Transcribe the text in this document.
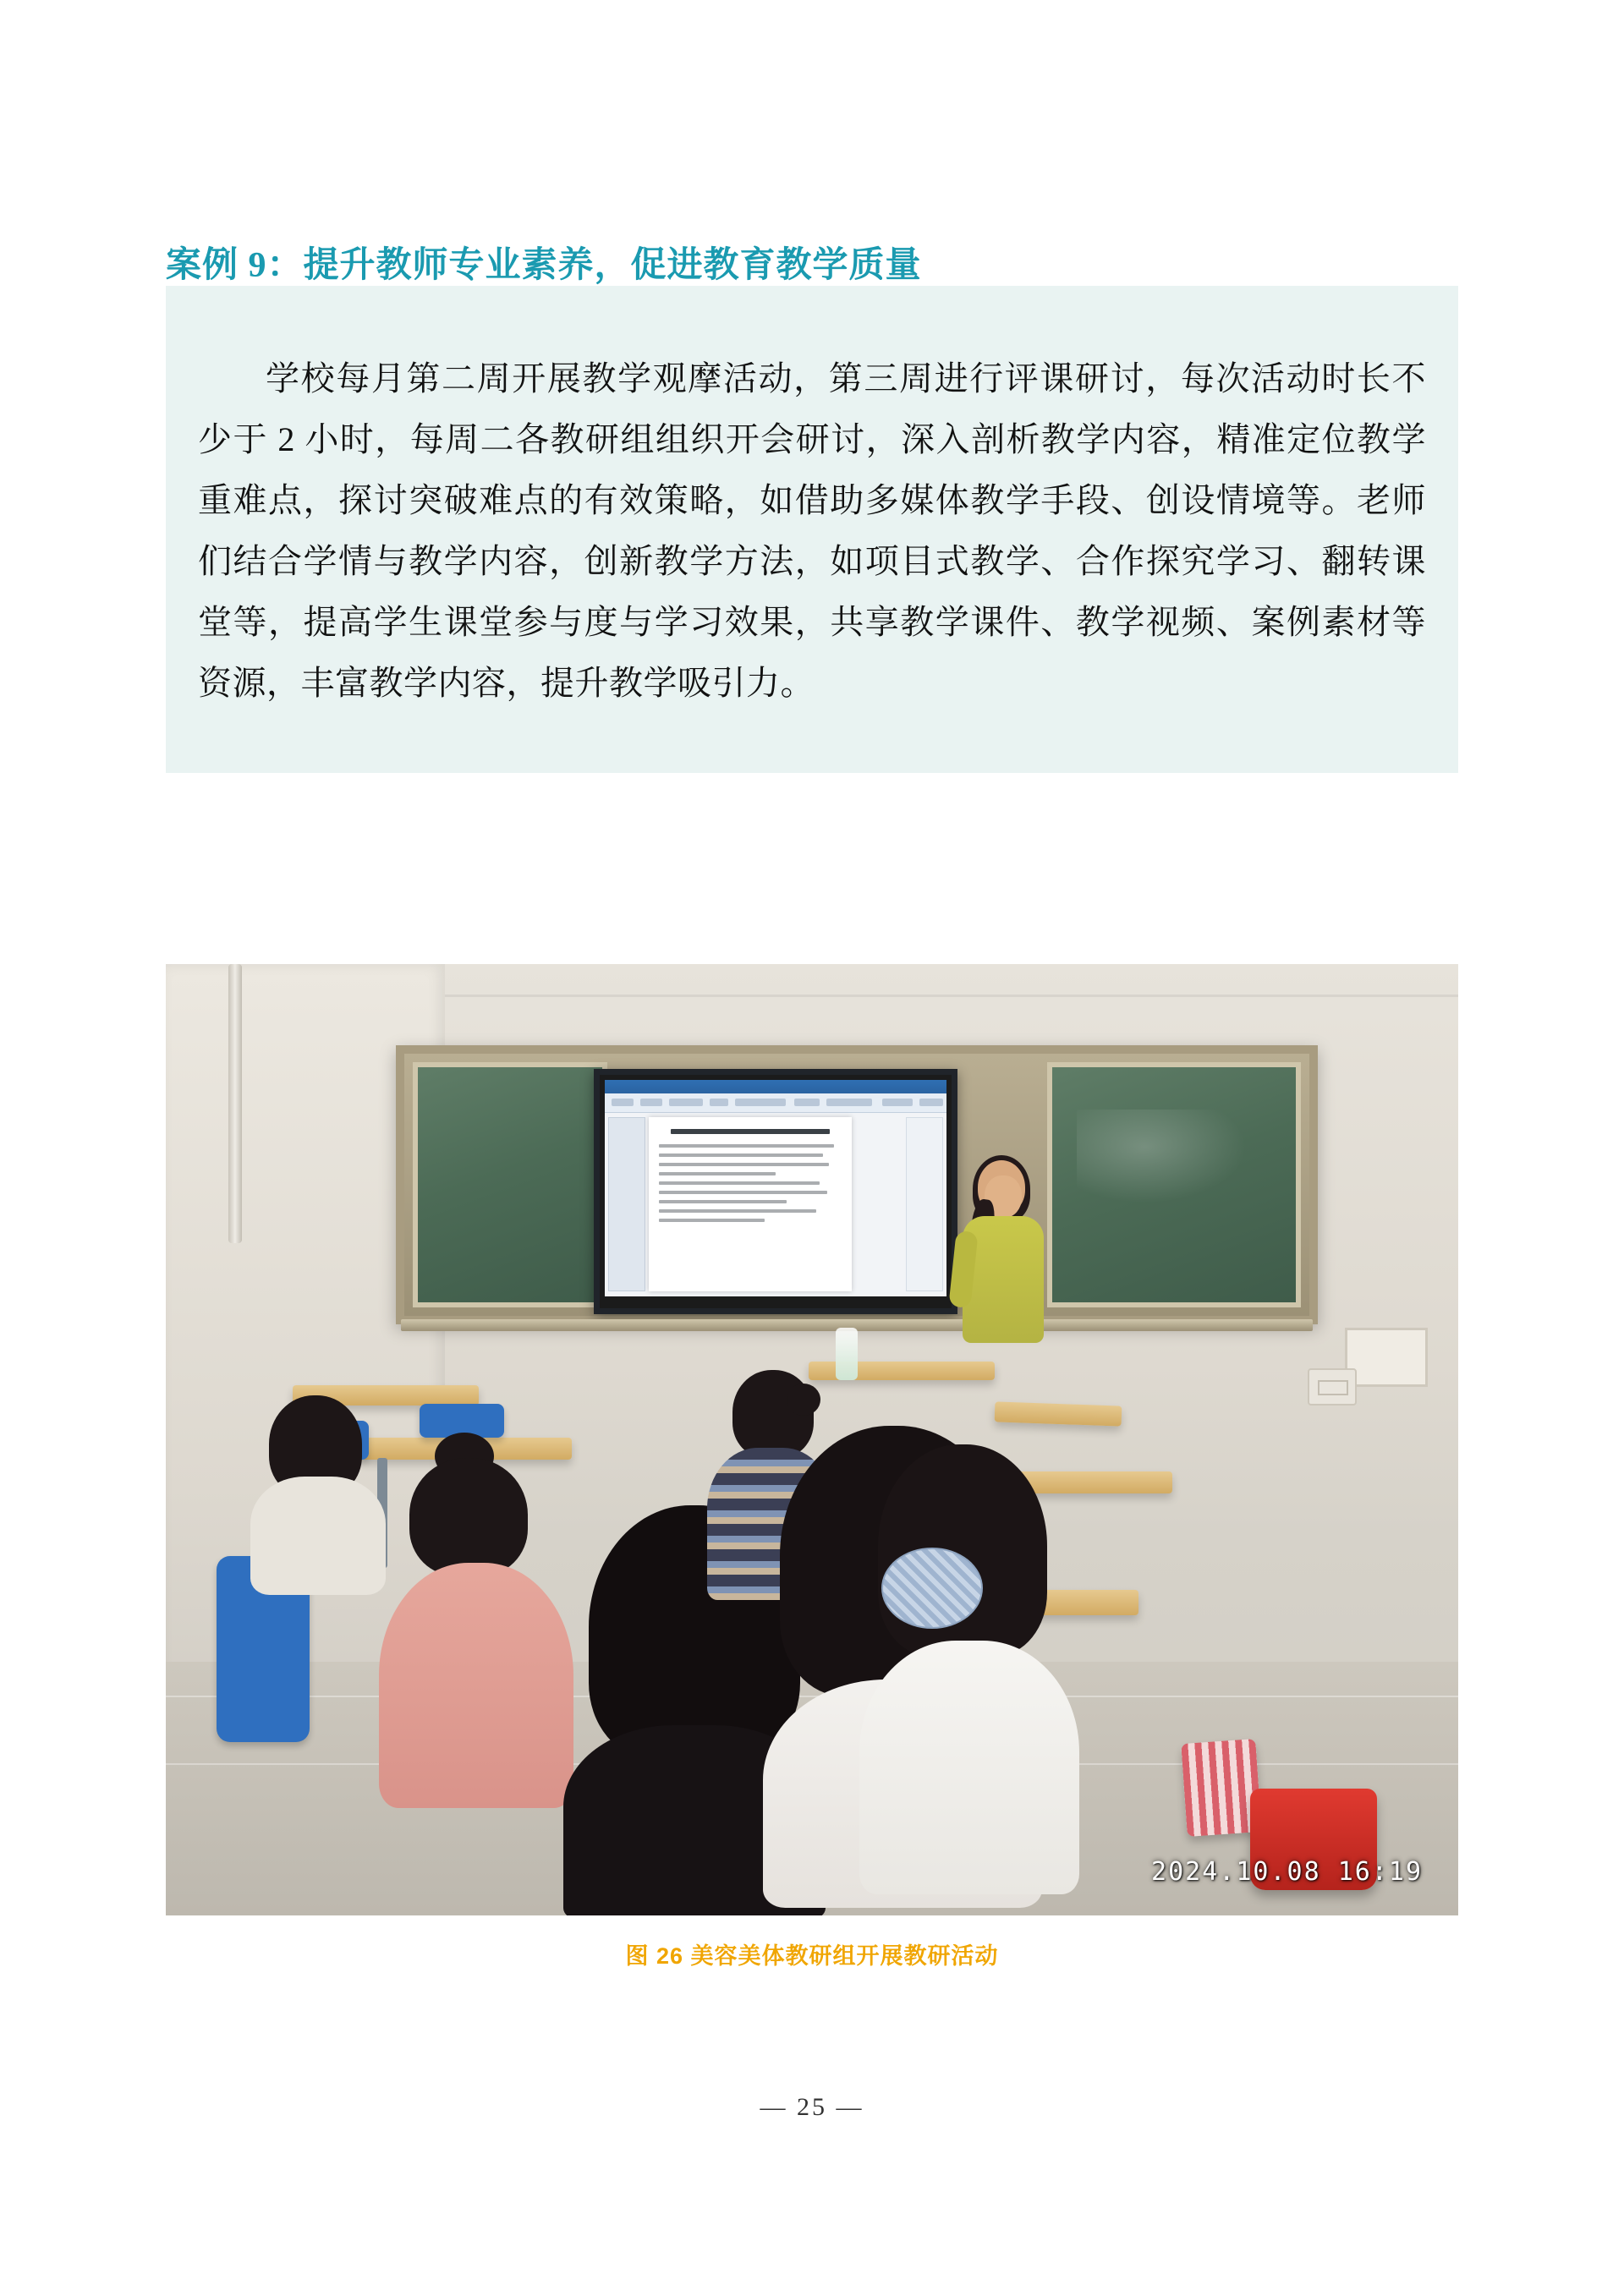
案例 9：提升教师专业素养，促进教育教学质量

学校每月第二周开展教学观摩活动，第三周进行评课研讨，每次活动时长不少于 2 小时，每周二各教研组组织开会研讨，深入剖析教学内容，精准定位教学重难点，探讨突破难点的有效策略，如借助多媒体教学手段、创设情境等。老师们结合学情与教学内容，创新教学方法，如项目式教学、合作探究学习、翻转课堂等，提高学生课堂参与度与学习效果，共享教学课件、教学视频、案例素材等资源，丰富教学内容，提升教学吸引力。

2024.10.08 16:19
图 26 美容美体教研组开展教研活动
— 25 —
